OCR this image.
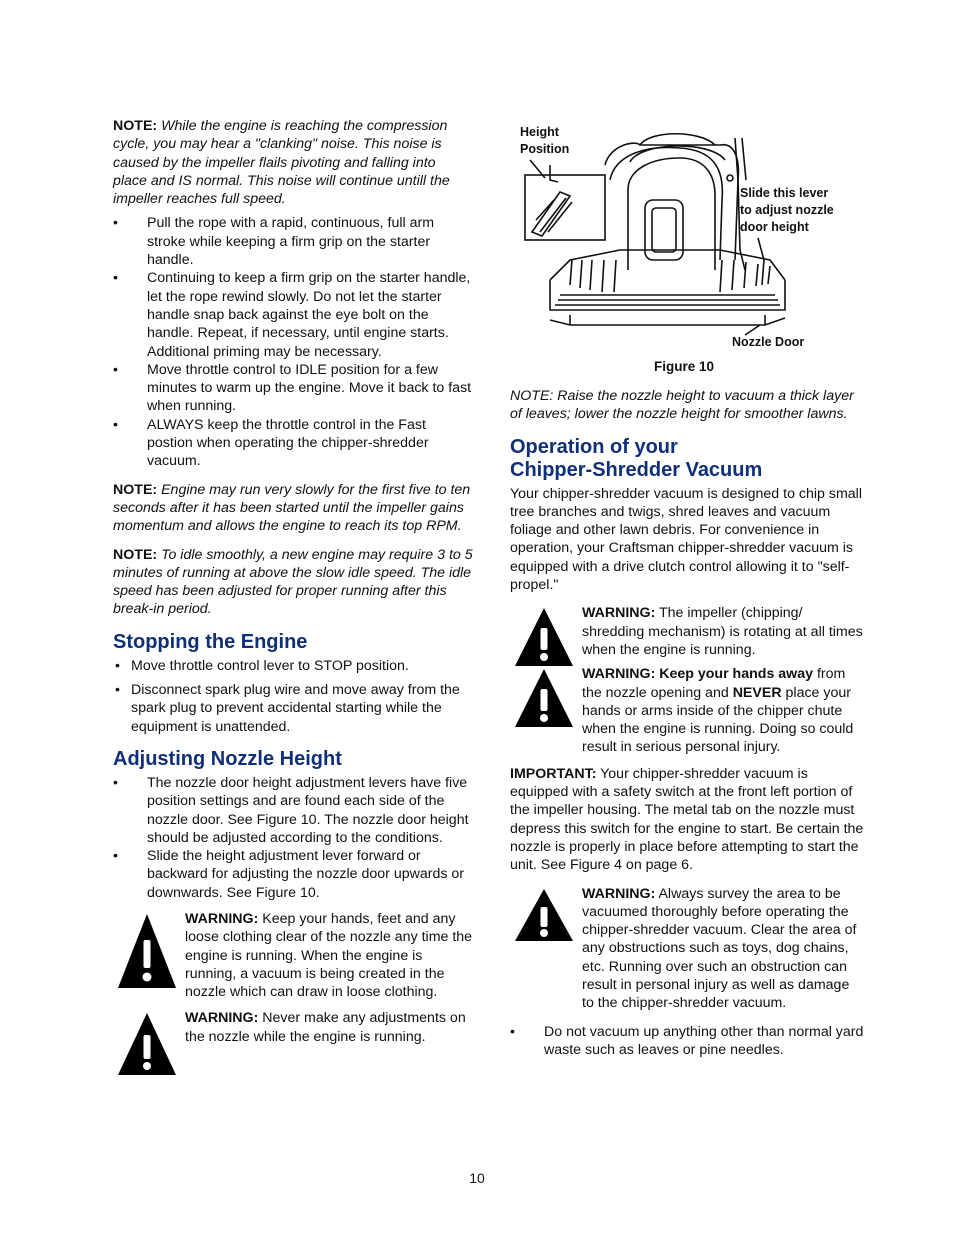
NOTE: While the engine is reaching the compression cycle, you may hear a "clanking" noise. This noise is caused by the impeller flails pivoting and falling into place and IS normal. This noise will continue untill the impeller reaches full speed.

• Pull the rope with a rapid, continuous, full arm stroke while keeping a firm grip on the starter handle.
• Continuing to keep a firm grip on the starter handle, let the rope rewind slowly. Do not let the starter handle snap back against the eye bolt on the handle. Repeat, if necessary, until engine starts. Additional priming may be necessary.
• Move throttle control to IDLE position for a few minutes to warm up the engine. Move it back to fast when running.
• ALWAYS keep the throttle control in the Fast postion when operating the chipper-shredder vacuum.

NOTE: Engine may run very slowly for the first five to ten seconds after it has been started until the impeller gains momentum and allows the engine to reach its top RPM.

NOTE: To idle smoothly, a new engine may require 3 to 5 minutes of running at above the slow idle speed. The idle speed has been adjusted for proper running after this break-in period.

Stopping the Engine
• Move throttle control lever to STOP position.
• Disconnect spark plug wire and move away from the spark plug to prevent accidental starting while the equipment is unattended.
Adjusting Nozzle Height
• The nozzle door height adjustment levers have five position settings and are found each side of the nozzle door. See Figure 10. The nozzle door height should be adjusted according to the conditions.
• Slide the height adjustment lever forward or backward for adjusting the nozzle door upwards or downwards. See Figure 10.
WARNING: Keep your hands, feet and any loose clothing clear of the nozzle any time the engine is running. When the engine is running, a vacuum is being created in the nozzle which can draw in loose clothing.
WARNING: Never make any adjustments on the nozzle while the engine is running.
Height
Position
Slide this lever
to adjust nozzle
door height
Nozzle Door
Figure 10

NOTE: Raise the nozzle height to vacuum a thick layer of leaves; lower the nozzle height for smoother lawns.

Operation of your
Chipper-Shredder Vacuum

Your chipper-shredder vacuum is designed to chip small tree branches and twigs, shred leaves and vacuum foliage and other lawn debris. For convenience in operation, your Craftsman chipper-shredder vacuum is equipped with a drive clutch control allowing it to "self-propel."

WARNING: The impeller (chipping/ shredding mechanism) is rotating at all times when the engine is running.
WARNING: Keep your hands away from the nozzle opening and NEVER place your hands or arms inside of the chipper chute when the engine is running. Doing so could result in serious personal injury.

IMPORTANT: Your chipper-shredder vacuum is equipped with a safety switch at the front left portion of the impeller housing. The metal tab on the nozzle must depress this switch for the engine to start. Be certain the nozzle is properly in place before attempting to start the unit. See Figure 4 on page 6.

WARNING: Always survey the area to be vacuumed thoroughly before operating the chipper-shredder vacuum. Clear the area of any obstructions such as toys, dog chains, etc. Running over such an obstruction can result in personal injury as well as damage to the chipper-shredder vacuum.
• Do not vacuum up anything other than normal yard waste such as leaves or pine needles.
10
